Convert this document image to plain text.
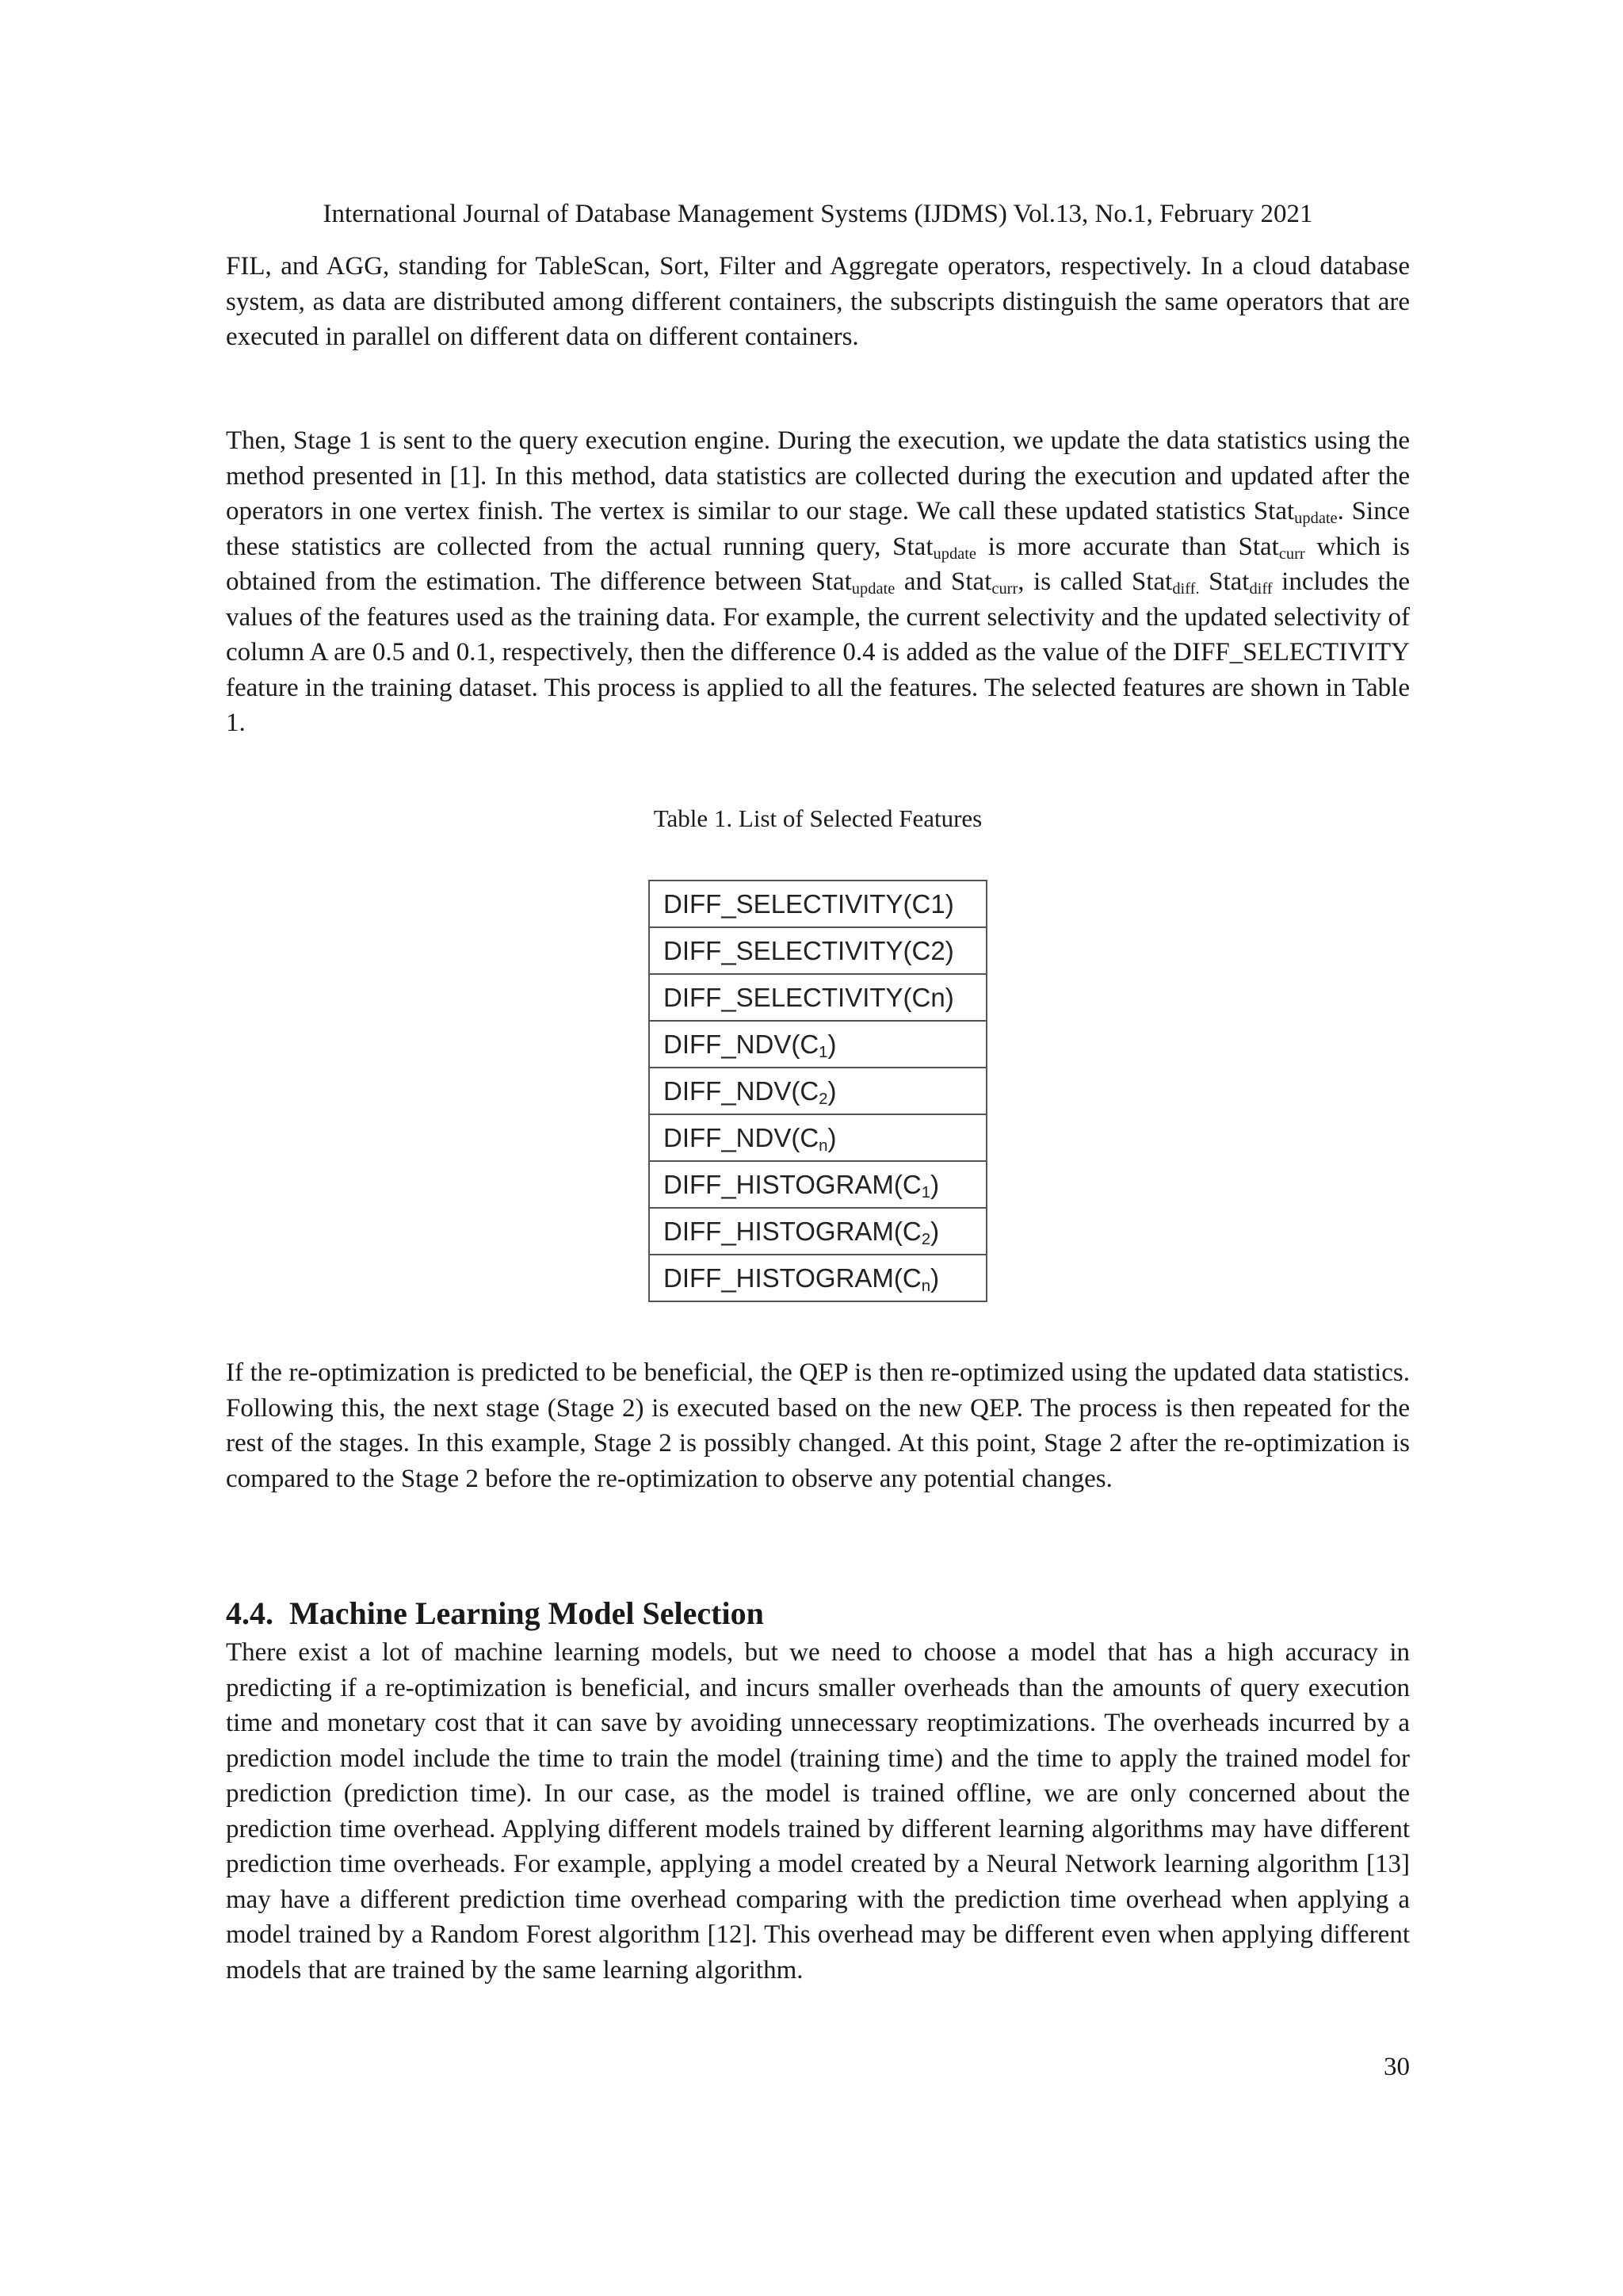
International Journal of Database Management Systems (IJDMS) Vol.13, No.1, February 2021

FIL, and AGG, standing for TableScan, Sort, Filter and Aggregate operators, respectively. In a cloud database system, as data are distributed among different containers, the subscripts distinguish the same operators that are executed in parallel on different data on different containers.

Then, Stage 1 is sent to the query execution engine. During the execution, we update the data statistics using the method presented in [1]. In this method, data statistics are collected during the execution and updated after the operators in one vertex finish. The vertex is similar to our stage. We call these updated statistics Stat$_{update}$. Since these statistics are collected from the actual running query, Stat$_{update}$ is more accurate than Stat$_{curr}$ which is obtained from the estimation. The difference between Stat$_{update}$ and Stat$_{curr}$, is called Stat$_{diff.}$ Stat$_{diff}$ includes the values of the features used as the training data. For example, the current selectivity and the updated selectivity of column A are 0.5 and 0.1, respectively, then the difference 0.4 is added as the value of the DIFF_SELECTIVITY feature in the training dataset. This process is applied to all the features. The selected features are shown in Table 1.

Table 1. List of Selected Features
DIFF_SELECTIVITY(C1)
DIFF_SELECTIVITY(C2)
DIFF_SELECTIVITY(Cn)
$DIFF\_NDV(C_1)$
$DIFF\_NDV(C_2)$
$DIFF\_NDV(C_n)$
$DIFF\_HISTOGRAM(C_1)$
$DIFF\_HISTOGRAM(C_2)$
$DIFF\_HISTOGRAM(C_n)$

If the re-optimization is predicted to be beneficial, the QEP is then re-optimized using the updated data statistics. Following this, the next stage (Stage 2) is executed based on the new QEP. The process is then repeated for the rest of the stages. In this example, Stage 2 is possibly changed. At this point, Stage 2 after the re-optimization is compared to the Stage 2 before the re-optimization to observe any potential changes.

4.4. Machine Learning Model Selection

There exist a lot of machine learning models, but we need to choose a model that has a high accuracy in predicting if a re-optimization is beneficial, and incurs smaller overheads than the amounts of query execution time and monetary cost that it can save by avoiding unnecessary reoptimizations. The overheads incurred by a prediction model include the time to train the model (training time) and the time to apply the trained model for prediction (prediction time). In our case, as the model is trained offline, we are only concerned about the prediction time overhead. Applying different models trained by different learning algorithms may have different prediction time overheads. For example, applying a model created by a Neural Network learning algorithm [13] may have a different prediction time overhead comparing with the prediction time overhead when applying a model trained by a Random Forest algorithm [12]. This overhead may be different even when applying different models that are trained by the same learning algorithm.

30
